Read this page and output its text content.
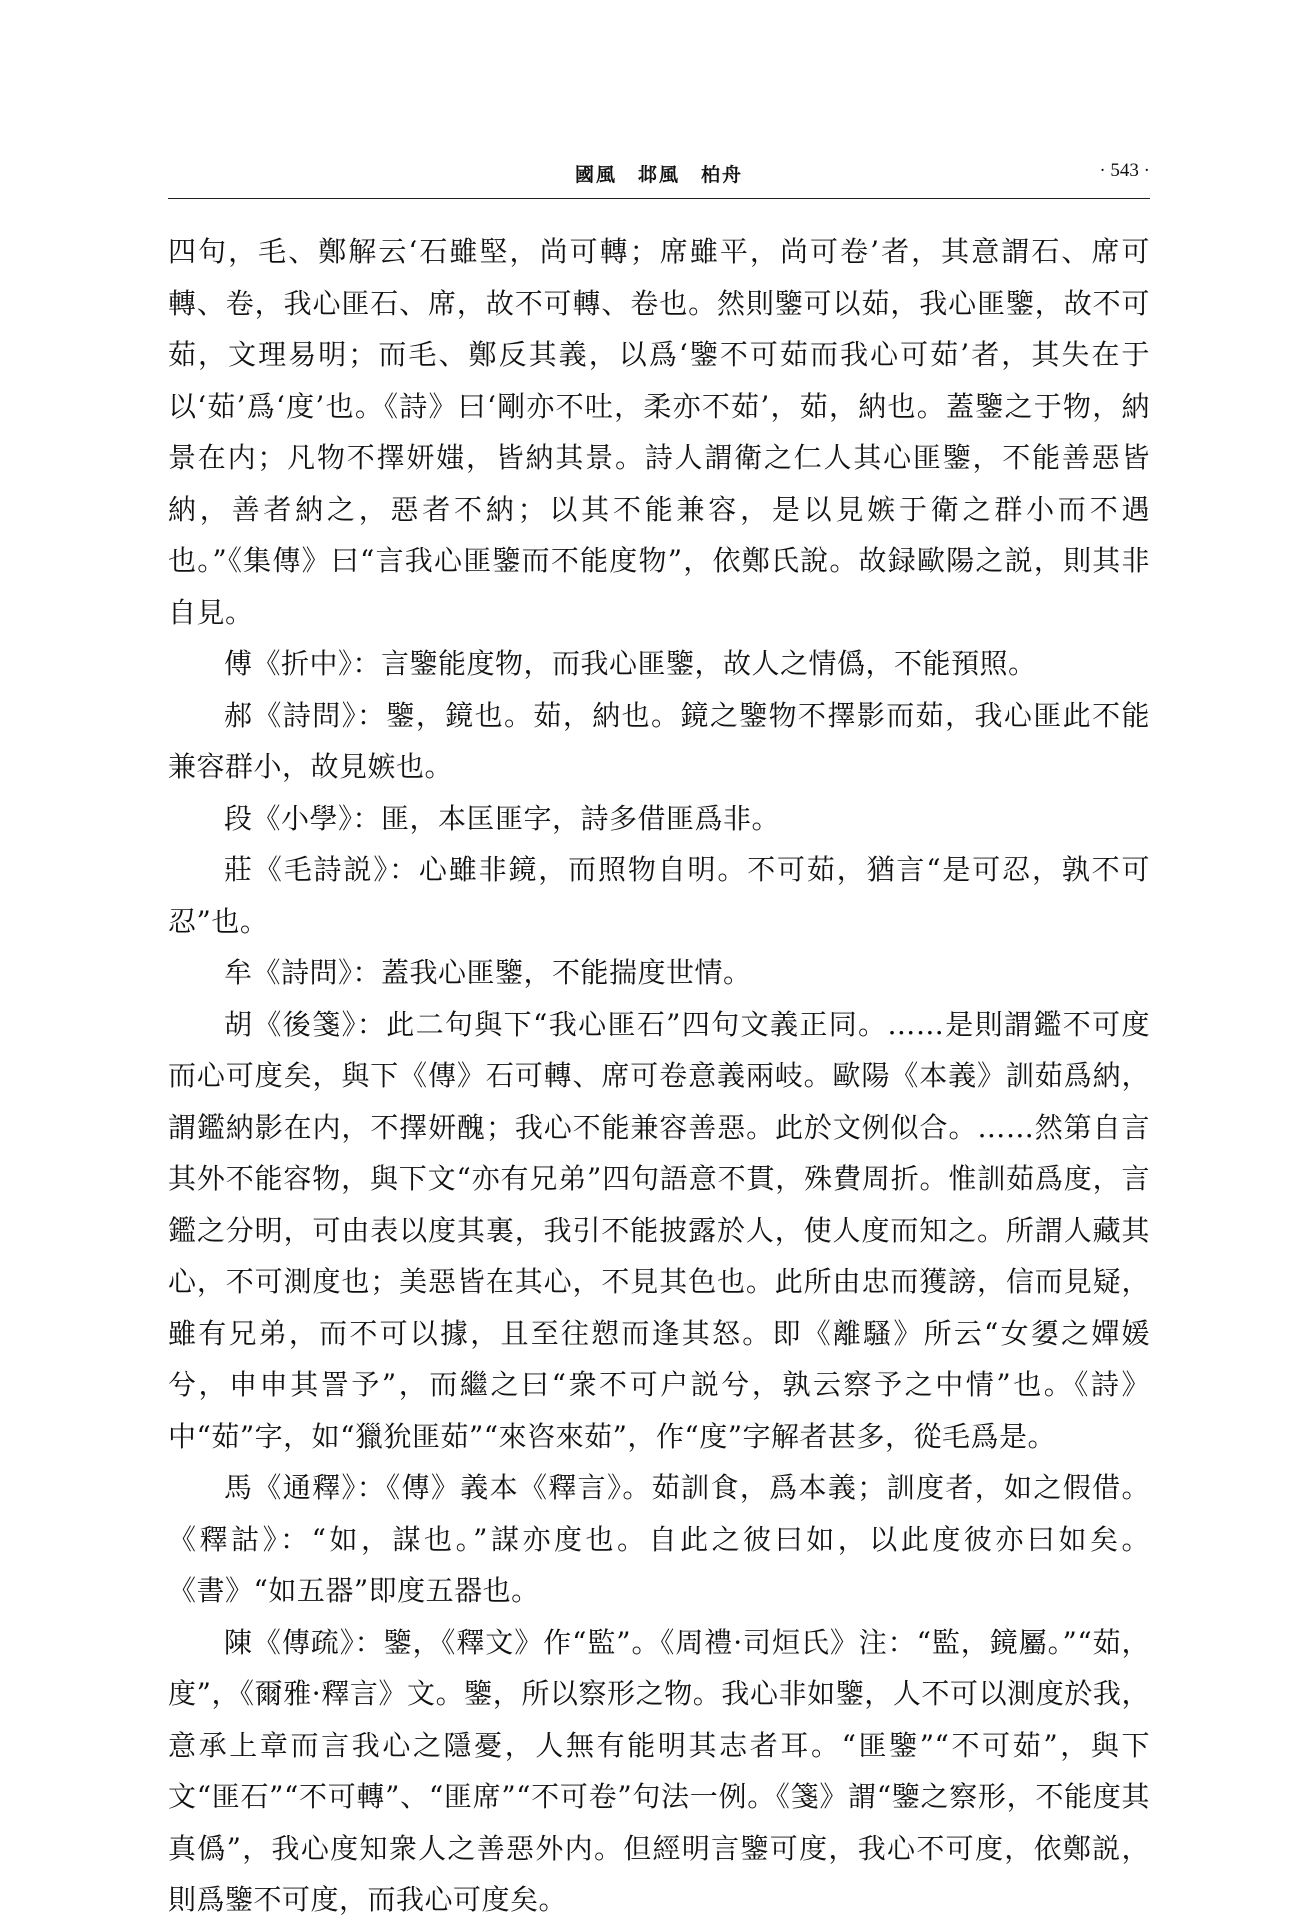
國風　邶風　柏舟	· 543 ·

四句，毛、鄭解云‘石雖堅，尚可轉；席雖平，尚可卷’者，其意謂石、席可轉、卷，我心匪石、席，故不可轉、卷也。然則鑒可以茹，我心匪鑒，故不可茹，文理易明；而毛、鄭反其義，以爲‘鑒不可茹而我心可茹’者，其失在于以‘茹’爲‘度’也。《詩》曰‘剛亦不吐，柔亦不茹’，茹，納也。蓋鑒之于物，納景在内；凡物不擇妍媸，皆納其景。詩人謂衛之仁人其心匪鑒，不能善惡皆納，善者納之，惡者不納；以其不能兼容，是以見嫉于衛之群小而不遇也。”《集傳》曰“言我心匪鑒而不能度物”，依鄭氏說。故録歐陽之説，則其非自見。

傅《折中》：言鑒能度物，而我心匪鑒，故人之情僞，不能預照。

郝《詩問》：鑒，鏡也。茹，納也。鏡之鑒物不擇影而茹，我心匪此不能兼容群小，故見嫉也。

段《小學》：匪，本匡匪字，詩多借匪爲非。

莊《毛詩説》：心雖非鏡，而照物自明。不可茹，猶言“是可忍，孰不可忍”也。

牟《詩問》：蓋我心匪鑒，不能揣度世情。

胡《後箋》：此二句與下“我心匪石”四句文義正同。……是則謂鑑不可度而心可度矣，與下《傳》石可轉、席可卷意義兩岐。歐陽《本義》訓茹爲納，謂鑑納影在内，不擇妍醜；我心不能兼容善惡。此於文例似合。……然第自言其外不能容物，與下文“亦有兄弟”四句語意不貫，殊費周折。惟訓茹爲度，言鑑之分明，可由表以度其裏，我引不能披露於人，使人度而知之。所謂人藏其心，不可測度也；美惡皆在其心，不見其色也。此所由忠而獲謗，信而見疑，雖有兄弟，而不可以據，且至往愬而逢其怒。即《離騷》所云“女嬃之嬋媛兮，申申其詈予”，而繼之曰“衆不可户説兮，孰云察予之中情”也。《詩》中“茹”字，如“獵狁匪茹”“來咨來茹”，作“度”字解者甚多，從毛爲是。

馬《通釋》：《傳》義本《釋言》。茹訓食，爲本義；訓度者，如之假借。《釋詁》：“如，謀也。”謀亦度也。自此之彼曰如，以此度彼亦曰如矣。《書》“如五器”即度五器也。

陳《傳疏》：鑒，《釋文》作“監”。《周禮·司烜氏》注：“監，鏡屬。”“茹，度”，《爾雅·釋言》文。鑒，所以察形之物。我心非如鑒，人不可以測度於我，意承上章而言我心之隱憂，人無有能明其志者耳。“匪鑒”“不可茹”，與下文“匪石”“不可轉”、“匪席”“不可卷”句法一例。《箋》謂“鑒之察形，不能度其真僞”，我心度知衆人之善惡外内。但經明言鑒可度，我心不可度，依鄭説，則爲鑒不可度，而我心可度矣。
